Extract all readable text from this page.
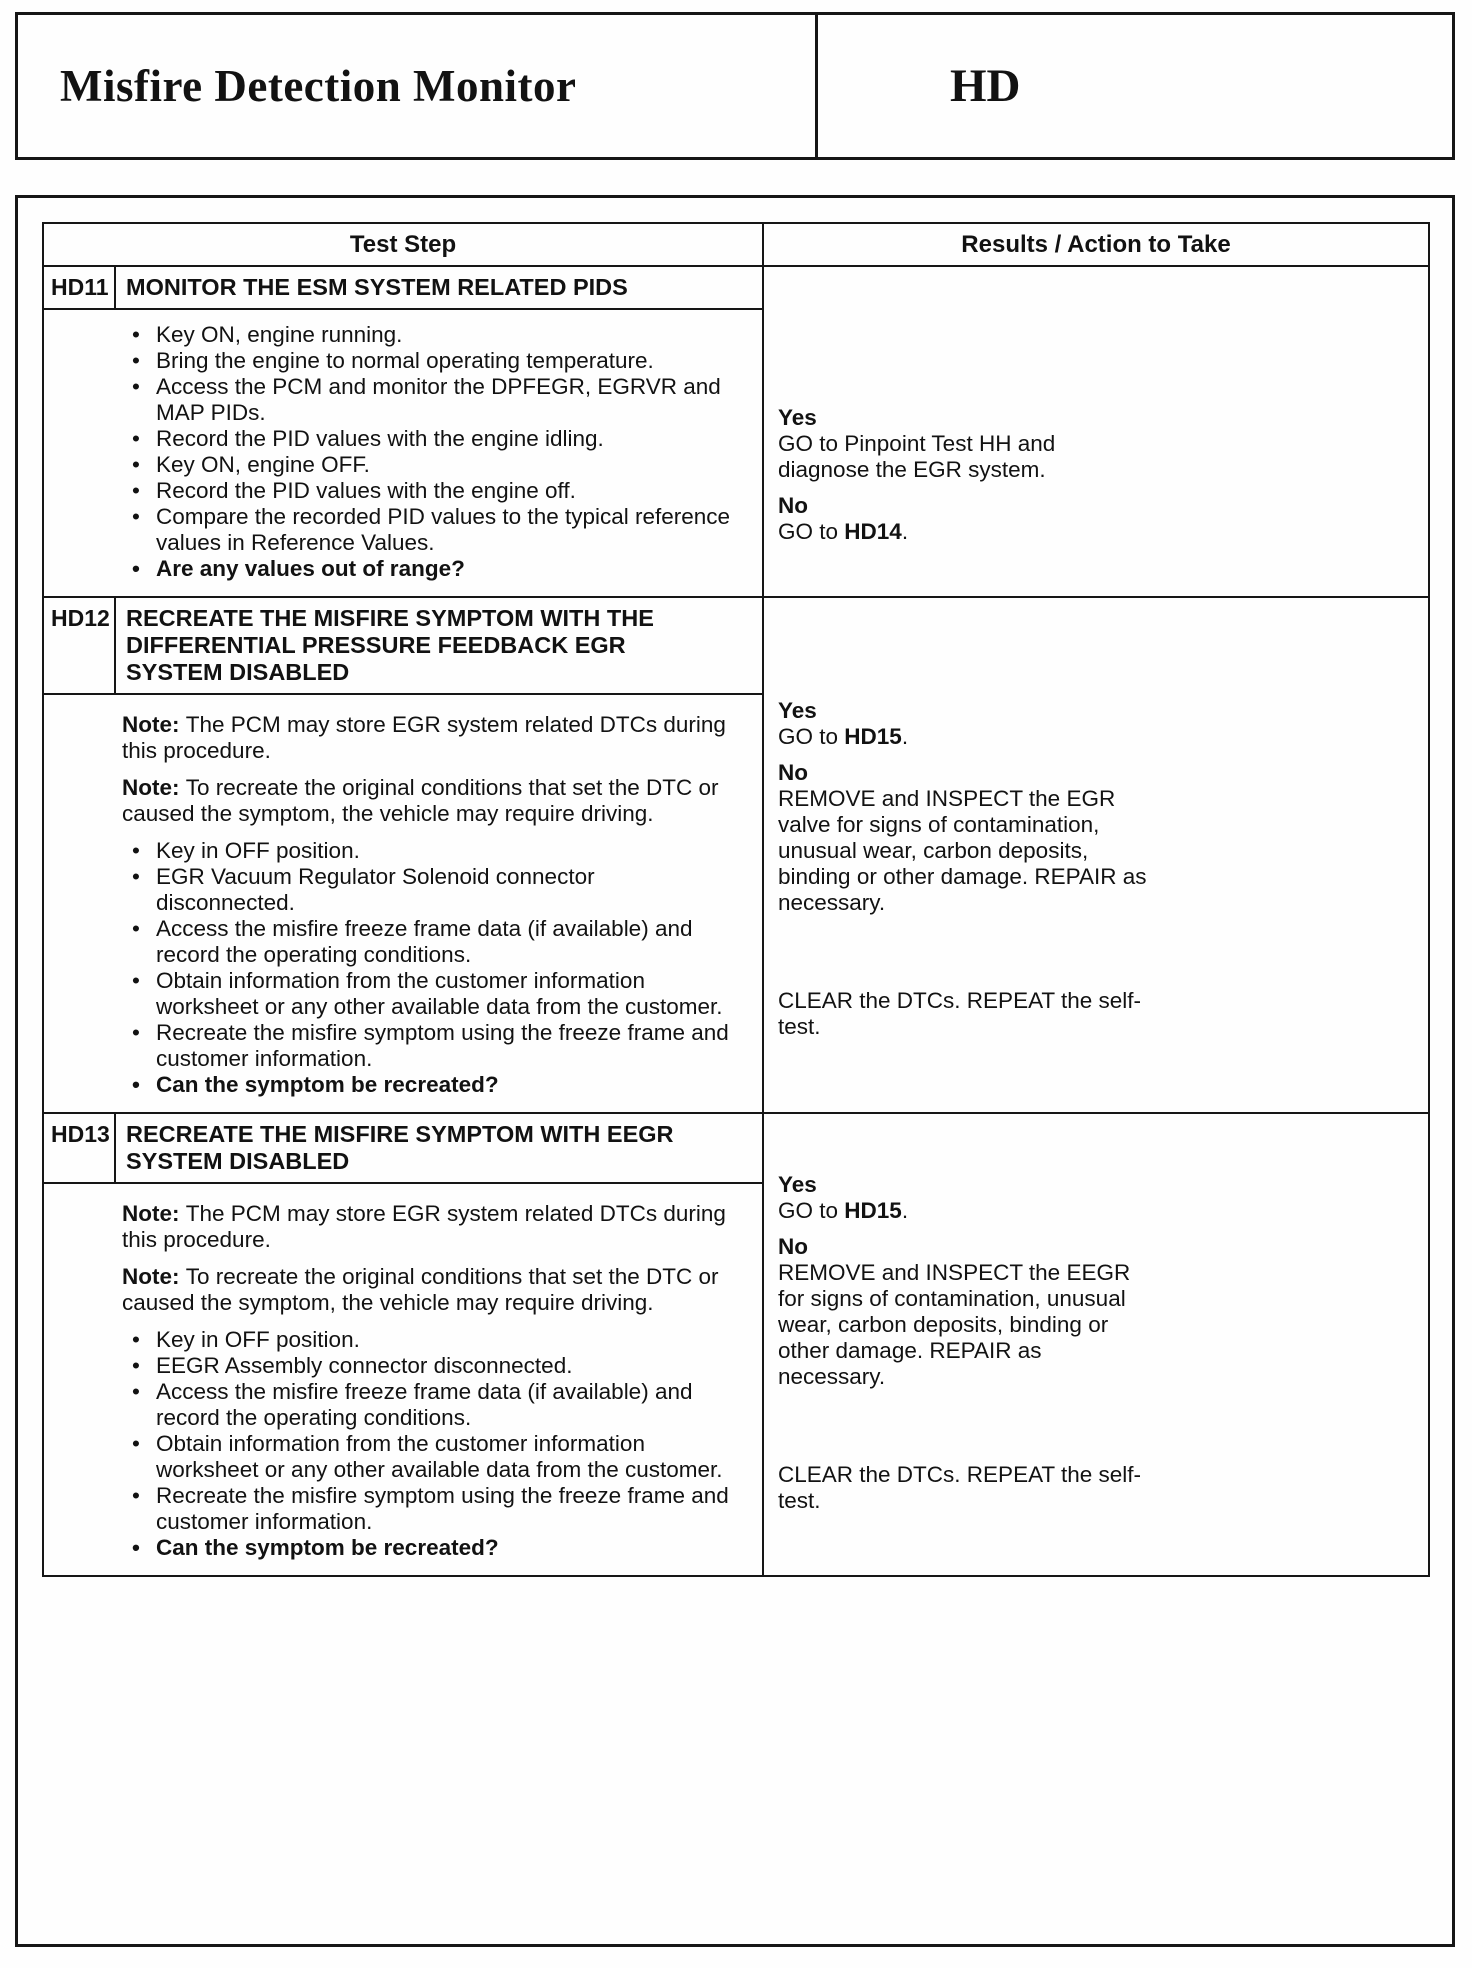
Misfire Detection Monitor	HD
Test Step	Results / Action to Take
HD11 MONITOR THE ESM SYSTEM RELATED PIDS
• Key ON, engine running.
• Bring the engine to normal operating temperature.
• Access the PCM and monitor the DPFEGR, EGRVR and MAP PIDs.
• Record the PID values with the engine idling.
• Key ON, engine OFF.
• Record the PID values with the engine off.
• Compare the recorded PID values to the typical reference values in Reference Values.
• Are any values out of range?
Yes

GO to Pinpoint Test HH and diagnose the EGR system.

No

GO to HD14.

HD12 RECREATE THE MISFIRE SYMPTOM WITH THE DIFFERENTIAL PRESSURE FEEDBACK EGR SYSTEM DISABLED

Note: The PCM may store EGR system related DTCs during this procedure.

Note: To recreate the original conditions that set the DTC or caused the symptom, the vehicle may require driving.

• Key in OFF position.
• EGR Vacuum Regulator Solenoid connector disconnected.
• Access the misfire freeze frame data (if available) and record the operating conditions.
• Obtain information from the customer information worksheet or any other available data from the customer.
• Recreate the misfire symptom using the freeze frame and customer information.
• Can the symptom be recreated?
Yes

GO to HD15.

No

REMOVE and INSPECT the EGR valve for signs of contamination, unusual wear, carbon deposits, binding or other damage. REPAIR as necessary.

CLEAR the DTCs. REPEAT the self-test.

HD13 RECREATE THE MISFIRE SYMPTOM WITH EEGR SYSTEM DISABLED

Note: The PCM may store EGR system related DTCs during this procedure.

Note: To recreate the original conditions that set the DTC or caused the symptom, the vehicle may require driving.

• Key in OFF position.
• EEGR Assembly connector disconnected.
• Access the misfire freeze frame data (if available) and record the operating conditions.
• Obtain information from the customer information worksheet or any other available data from the customer.
• Recreate the misfire symptom using the freeze frame and customer information.
• Can the symptom be recreated?
Yes

GO to HD15.

No

REMOVE and INSPECT the EEGR for signs of contamination, unusual wear, carbon deposits, binding or other damage. REPAIR as necessary.

CLEAR the DTCs. REPEAT the self-test.
